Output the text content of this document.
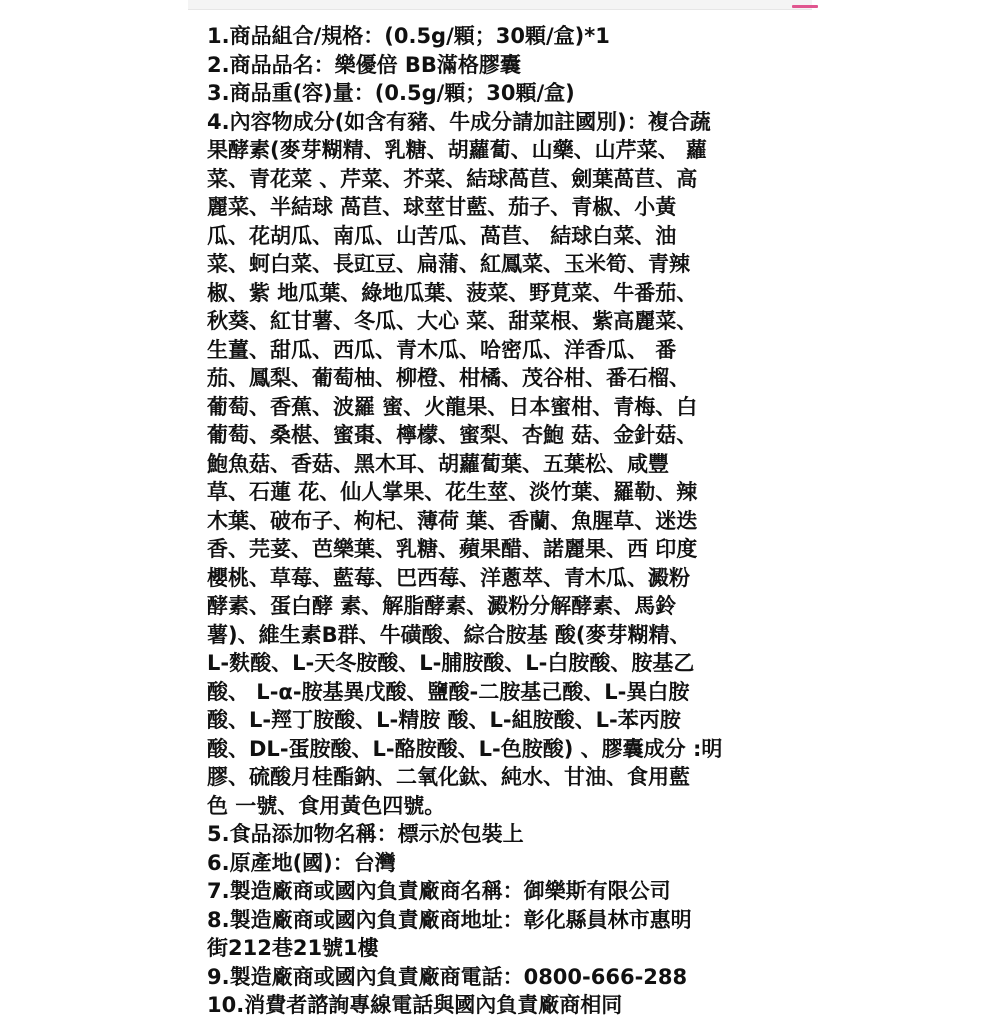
1.商品組合/規格：(0.5g/顆；30顆/盒)*1
2.商品品名：樂優倍 BB滿格膠囊
3.商品重(容)量：(0.5g/顆；30顆/盒)
4.內容物成分(如含有豬、牛成分請加註國別)：複合蔬
果酵素(麥芽糊精、乳糖、胡蘿蔔、山藥、山芹菜、 蘿
菜、青花菜 、芹菜、芥菜、結球萵苣、劍葉萵苣、高
麗菜、半結球 萵苣、球莖甘藍、茄子、青椒、小黃
瓜、花胡瓜、南瓜、山苦瓜、萵苣、 結球白菜、油
菜、蚵白菜、長豇豆、扁蒲、紅鳳菜、玉米筍、青辣
椒、紫 地瓜葉、綠地瓜葉、菠菜、野莧菜、牛番茄、
秋葵、紅甘薯、冬瓜、大心 菜、甜菜根、紫高麗菜、
生薑、甜瓜、西瓜、青木瓜、哈密瓜、洋香瓜、 番
茄、鳳梨、葡萄柚、柳橙、柑橘、茂谷柑、番石榴、
葡萄、香蕉、波羅 蜜、火龍果、日本蜜柑、青梅、白
葡萄、桑椹、蜜棗、檸檬、蜜梨、杏鮑 菇、金針菇、
鮑魚菇、香菇、黑木耳、胡蘿蔔葉、五葉松、咸豐
草、石蓮 花、仙人掌果、花生莖、淡竹葉、羅勒、辣
木葉、破布子、枸杞、薄荷 葉、香蘭、魚腥草、迷迭
香、芫荽、芭樂葉、乳糖、蘋果醋、諾麗果、西 印度
櫻桃、草莓、藍莓、巴西莓、洋蔥萃、青木瓜、澱粉
酵素、蛋白酵 素、解脂酵素、澱粉分解酵素、馬鈴
薯)、維生素B群、牛磺酸、綜合胺基 酸(麥芽糊精、
L-麩酸、L-天冬胺酸、L-脯胺酸、L-白胺酸、胺基乙
酸、 L-α-胺基異戊酸、鹽酸-二胺基己酸、L-異白胺
酸、L-羥丁胺酸、L-精胺 酸、L-組胺酸、L-苯丙胺
酸、DL-蛋胺酸、L-酪胺酸、L-色胺酸) 、膠囊成分 :明
膠、硫酸月桂酯鈉、二氧化鈦、純水、甘油、食用藍
色 一號、食用黃色四號。
5.食品添加物名稱：標示於包裝上
6.原產地(國)：台灣
7.製造廠商或國內負責廠商名稱：御樂斯有限公司
8.製造廠商或國內負責廠商地址：彰化縣員林市惠明
街212巷21號1樓
9.製造廠商或國內負責廠商電話：0800-666-288
10.消費者諮詢專線電話與國內負責廠商相同
